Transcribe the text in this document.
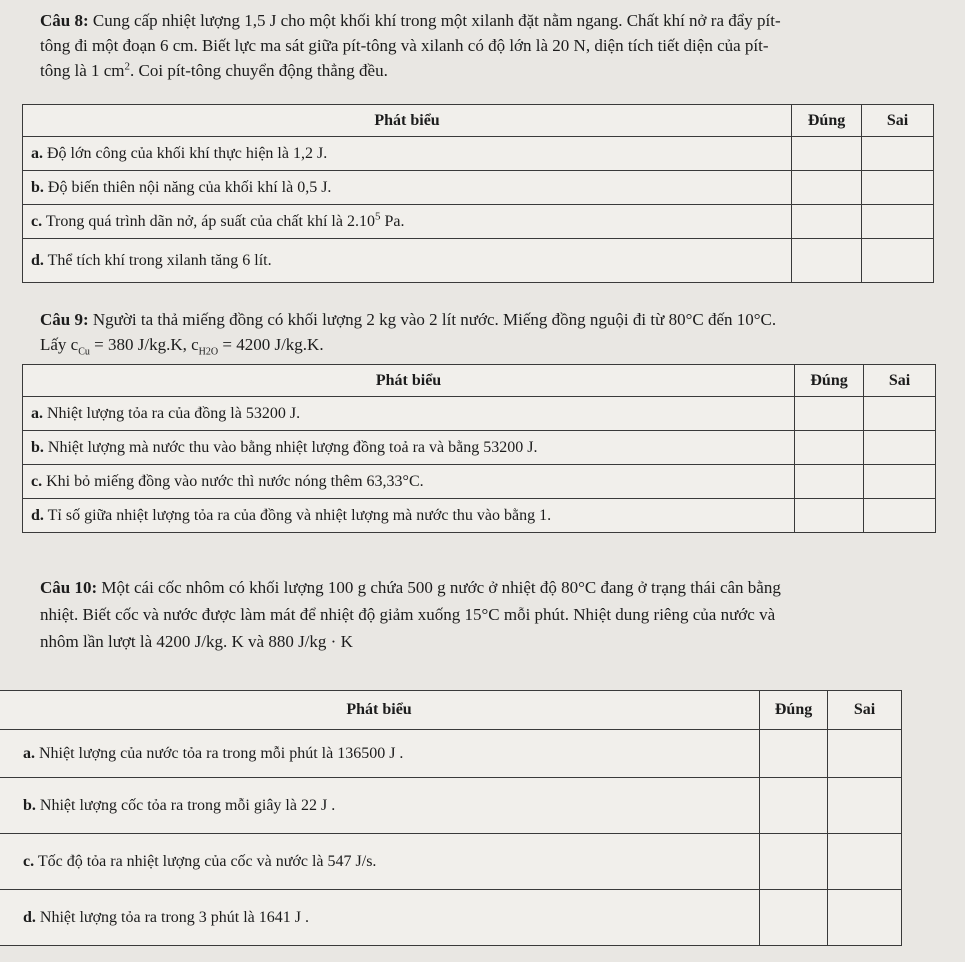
Câu 8: Cung cấp nhiệt lượng 1,5 J cho một khối khí trong một xilanh đặt nằm ngang. Chất khí nở ra đẩy pít-
tông đi một đoạn 6 cm. Biết lực ma sát giữa pít-tông và xilanh có độ lớn là 20 N, diện tích tiết diện của pít-
tông là 1 $cm^2$. Coi pít-tông chuyển động thẳng đều.
Phát biểu	Đúng	Sai
a. Độ lớn công của khối khí thực hiện là 1,2 J.		
b. Độ biến thiên nội năng của khối khí là 0,5 J.		
c. Trong quá trình dãn nở, áp suất của chất khí là 2.10$^5$ Pa.		
d. Thể tích khí trong xilanh tăng 6 lít.		
Câu 9: Người ta thả miếng đồng có khối lượng 2 kg vào 2 lít nước. Miếng đồng nguội đi từ 80°C đến 10°C.
Lấy $c_{Cu} = 380$ J/kg.K, $c_{H2O} = 4200$ J/kg.K.
Phát biểu	Đúng	Sai
a. Nhiệt lượng tỏa ra của đồng là 53200 J.		
b. Nhiệt lượng mà nước thu vào bằng nhiệt lượng đồng toả ra và bằng 53200 J.		
c. Khi bỏ miếng đồng vào nước thì nước nóng thêm 63,33°C.		
d. Tỉ số giữa nhiệt lượng tỏa ra của đồng và nhiệt lượng mà nước thu vào bằng 1.		
Câu 10: Một cái cốc nhôm có khối lượng 100 g chứa 500 g nước ở nhiệt độ 80°C đang ở trạng thái cân bằng
nhiệt. Biết cốc và nước được làm mát để nhiệt độ giảm xuống 15°C mỗi phút. Nhiệt dung riêng của nước và
nhôm lần lượt là 4200 J/kg. K và 880 J/kg · K
Phát biểu	Đúng	Sai
a. Nhiệt lượng của nước tỏa ra trong mỗi phút là 136500 J .		
b. Nhiệt lượng cốc tỏa ra trong mỗi giây là 22 J .		
c. Tốc độ tỏa ra nhiệt lượng của cốc và nước là 547 J/s.		
d. Nhiệt lượng tỏa ra trong 3 phút là 1641 J .		
